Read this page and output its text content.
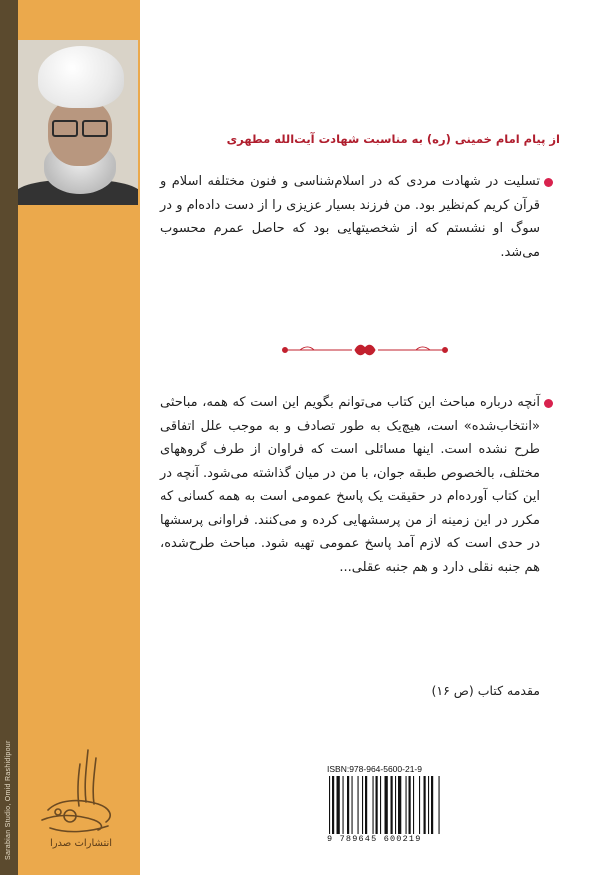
Sarabian Studio, Omid Rashidipour	انتشارات صدرا
از پیام امام خمینی (ره) به مناسبت شهادت آیت‌الله مطهری
تسلیت در شهادت مردی که در اسلام‌شناسی و فنون مختلفه اسلام و قرآن کریم کم‌نظیر بود. من فرزند بسیار عزیزی را از دست داده‌ام و در سوگ او نشستم که از شخصیتهایی بود که حاصل عمرم محسوب می‌شد.
آنچه درباره مباحث این کتاب می‌توانم بگویم این است که همه، مباحثی «انتخاب‌شده» است، هیچ‌یک به طور تصادف و به موجب علل اتفاقی طرح نشده است. اینها مسائلی است که فراوان از طرف گروههای مختلف، بالخصوص طبقه جوان، با من در میان گذاشته می‌شود. آنچه در این کتاب آورده‌ام در حقیقت یک پاسخ عمومی است به همه کسانی که مکرر در این زمینه از من پرسشهایی کرده و می‌کنند. فراوانی پرسشها در حدی است که لازم آمد پاسخ عمومی تهیه شود. مباحث طرح‌شده، هم جنبه نقلی دارد و هم جنبه عقلی...
مقدمه کتاب (ص ۱۶)
ISBN:978-964-5600-21-9
9 789645 600219
